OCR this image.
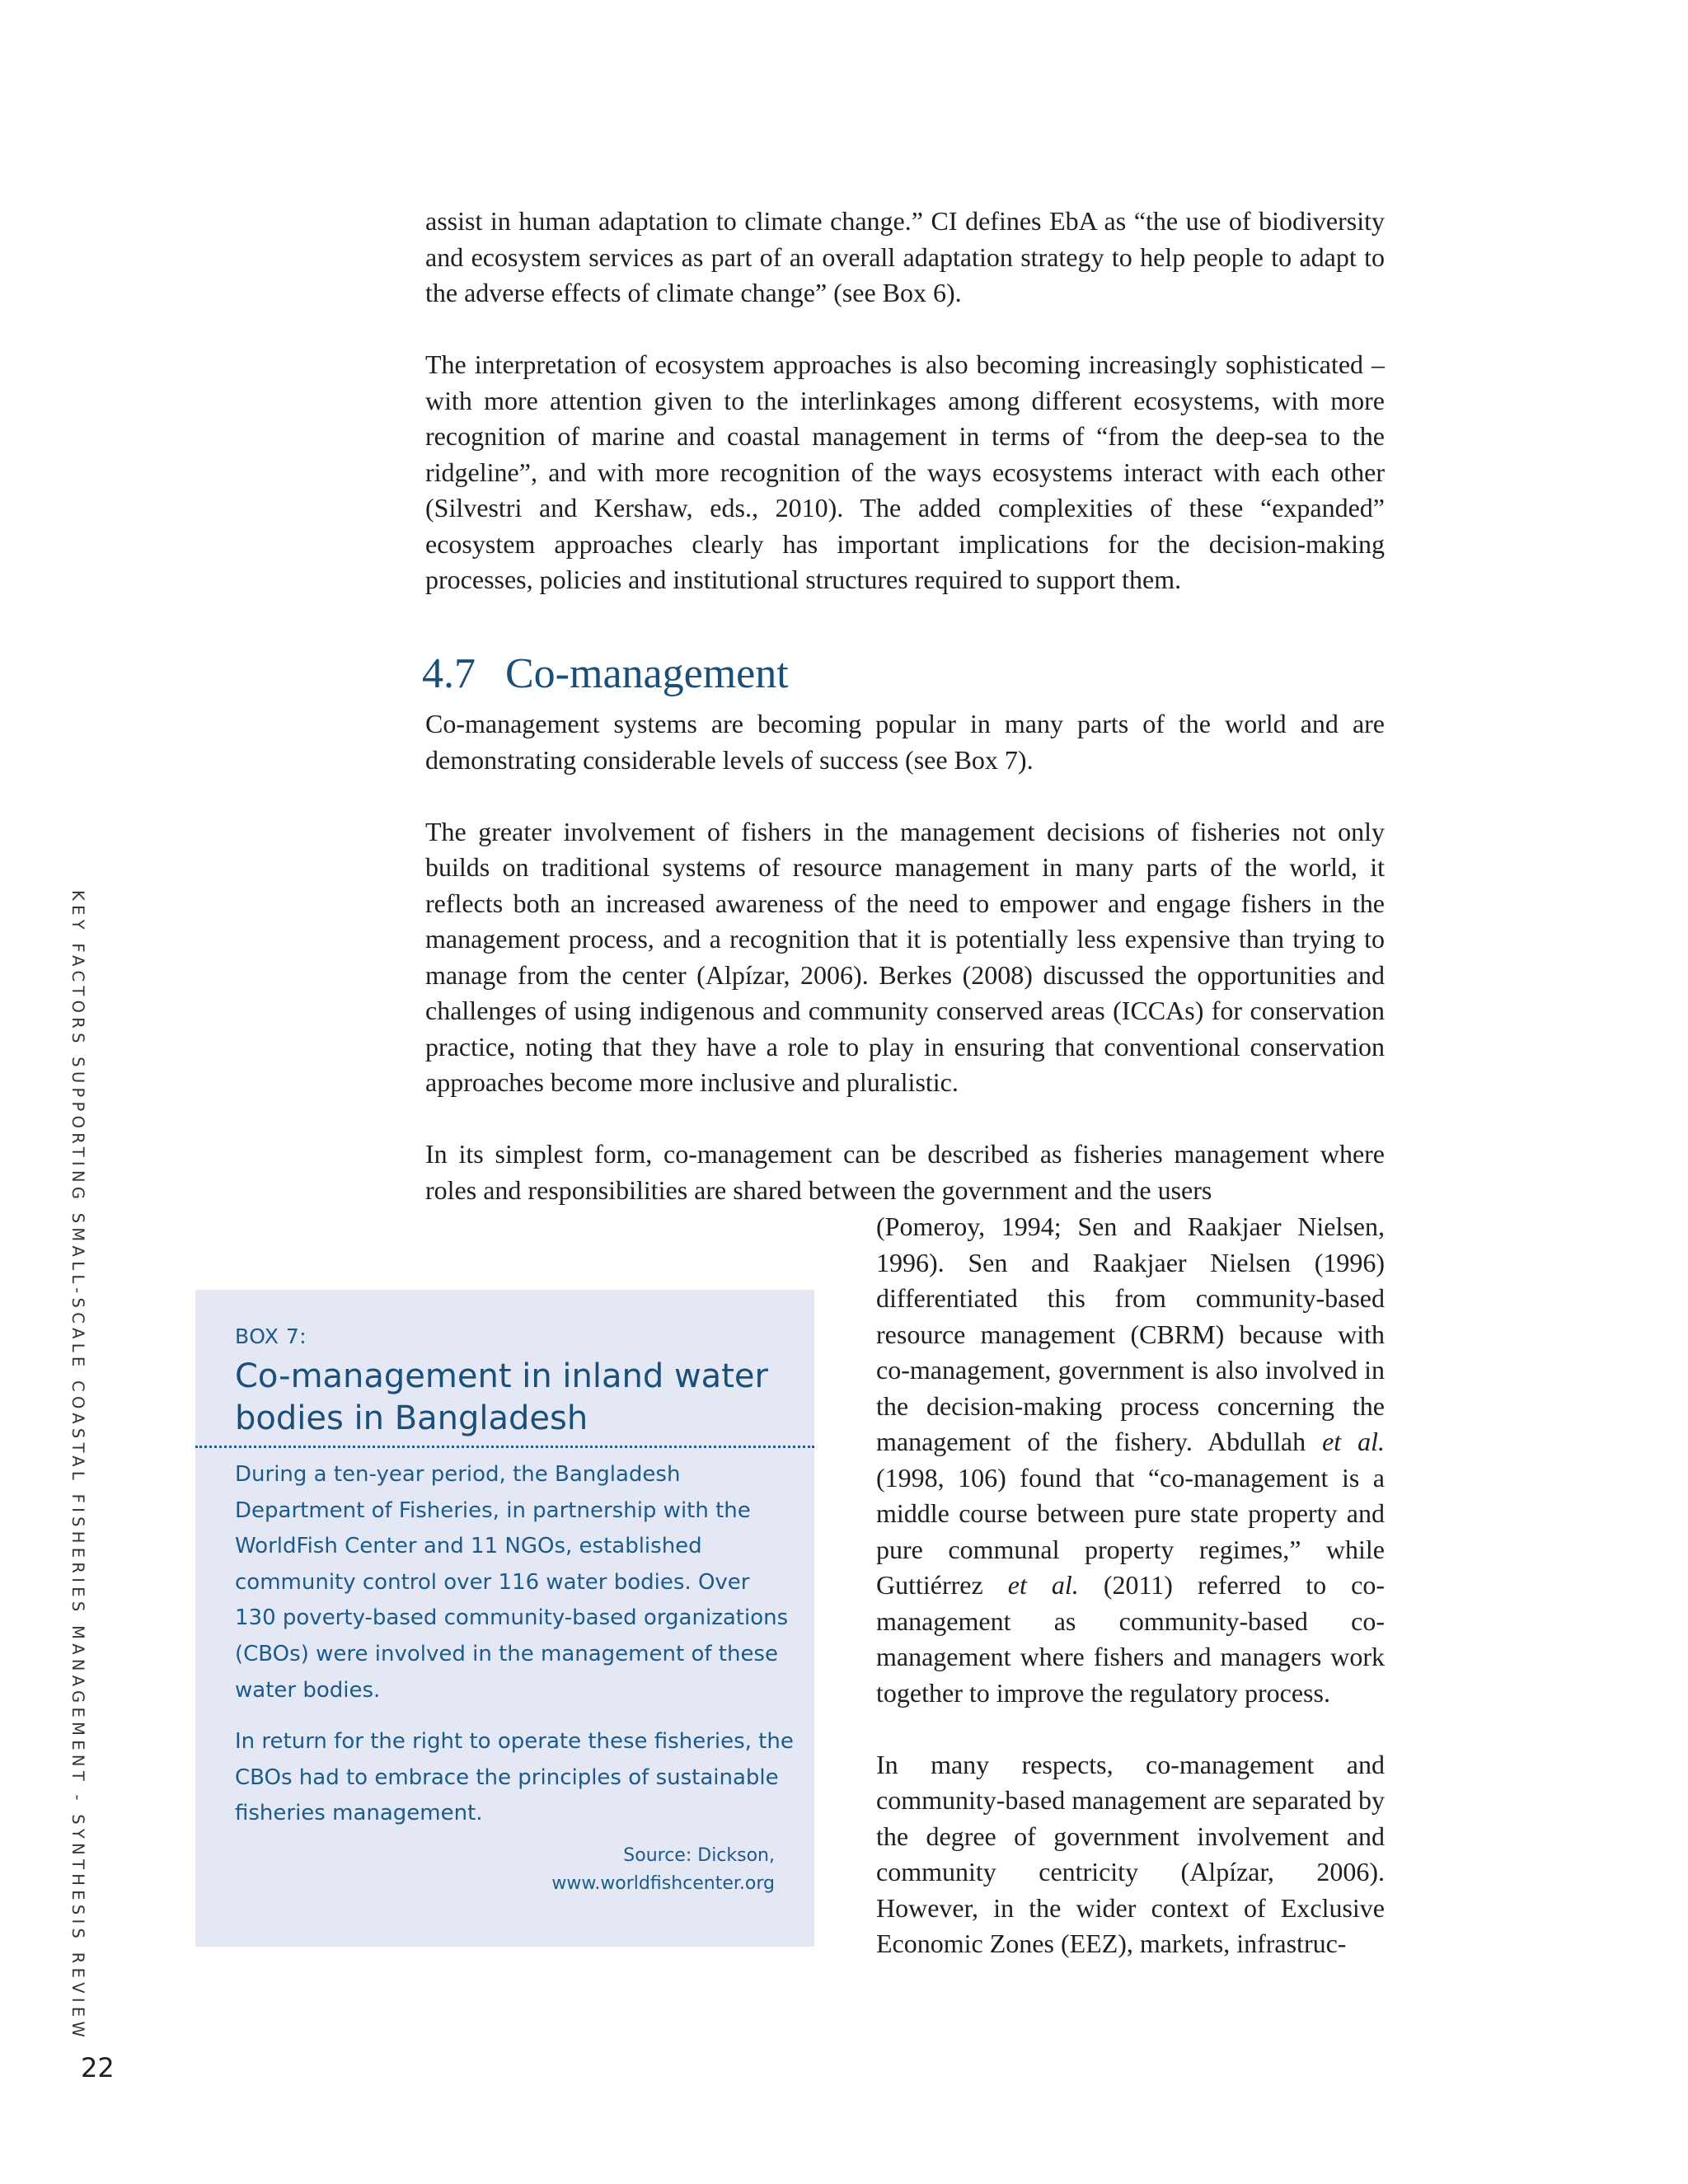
KEY FACTORS SUPPORTING SMALL-SCALE COASTAL FISHERIES MANAGEMENT - SYNTHESIS REVIEW

assist in human adaptation to climate change.” CI defines EbA as “the use of biodiversity and ecosystem services as part of an overall adaptation strategy to help people to adapt to the adverse effects of climate change” (see Box 6).

The interpretation of ecosystem approaches is also becoming increasingly sophisticated – with more attention given to the interlinkages among different ecosystems, with more recognition of marine and coastal management in terms of “from the deep-sea to the ridgeline”, and with more recognition of the ways ecosystems interact with each other (Silvestri and Kershaw, eds., 2010). The added complexities of these “expanded” ecosystem approaches clearly has important implications for the decision-making processes, policies and institutional structures required to support them.

4.7 Co-management

Co-management systems are becoming popular in many parts of the world and are demonstrating considerable levels of success (see Box 7).

The greater involvement of fishers in the management decisions of fisheries not only builds on traditional systems of resource management in many parts of the world, it reflects both an increased awareness of the need to empower and engage fishers in the management process, and a recognition that it is potentially less expensive than trying to manage from the center (Alpízar, 2006). Berkes (2008) discussed the opportunities and challenges of using indigenous and community conserved areas (ICCAs) for conservation practice, noting that they have a role to play in ensuring that conventional conservation approaches become more inclusive and pluralistic.

In its simplest form, co-management can be described as fisheries management where roles and responsibilities are shared between the government and the users

(Pomeroy, 1994; Sen and Raakjaer Nielsen, 1996). Sen and Raakjaer Nielsen (1996) differentiated this from community-based resource management (CBRM) because with co-management, government is also involved in the decision-making process concerning the management of the fishery. Abdullah et al. (1998, 106) found that “co-management is a middle course between pure state property and pure communal property regimes,” while Guttiérrez et al. (2011) referred to co-management as community-based co-management where fishers and managers work together to improve the regulatory process.

In many respects, co-management and community-based management are separated by the degree of government involvement and community centricity (Alpízar, 2006). However, in the wider context of Exclusive Economic Zones (EEZ), markets, infrastruc-

BOX 7:
Co-management in inland water bodies in Bangladesh

During a ten-year period, the Bangladesh Department of Fisheries, in partnership with the WorldFish Center and 11 NGOs, established community control over 116 water bodies. Over 130 poverty-based community-based organizations (CBOs) were involved in the management of these water bodies.

In return for the right to operate these fisheries, the CBOs had to embrace the principles of sustainable fisheries management.

Source: Dickson,
www.worldfishcenter.org
22
